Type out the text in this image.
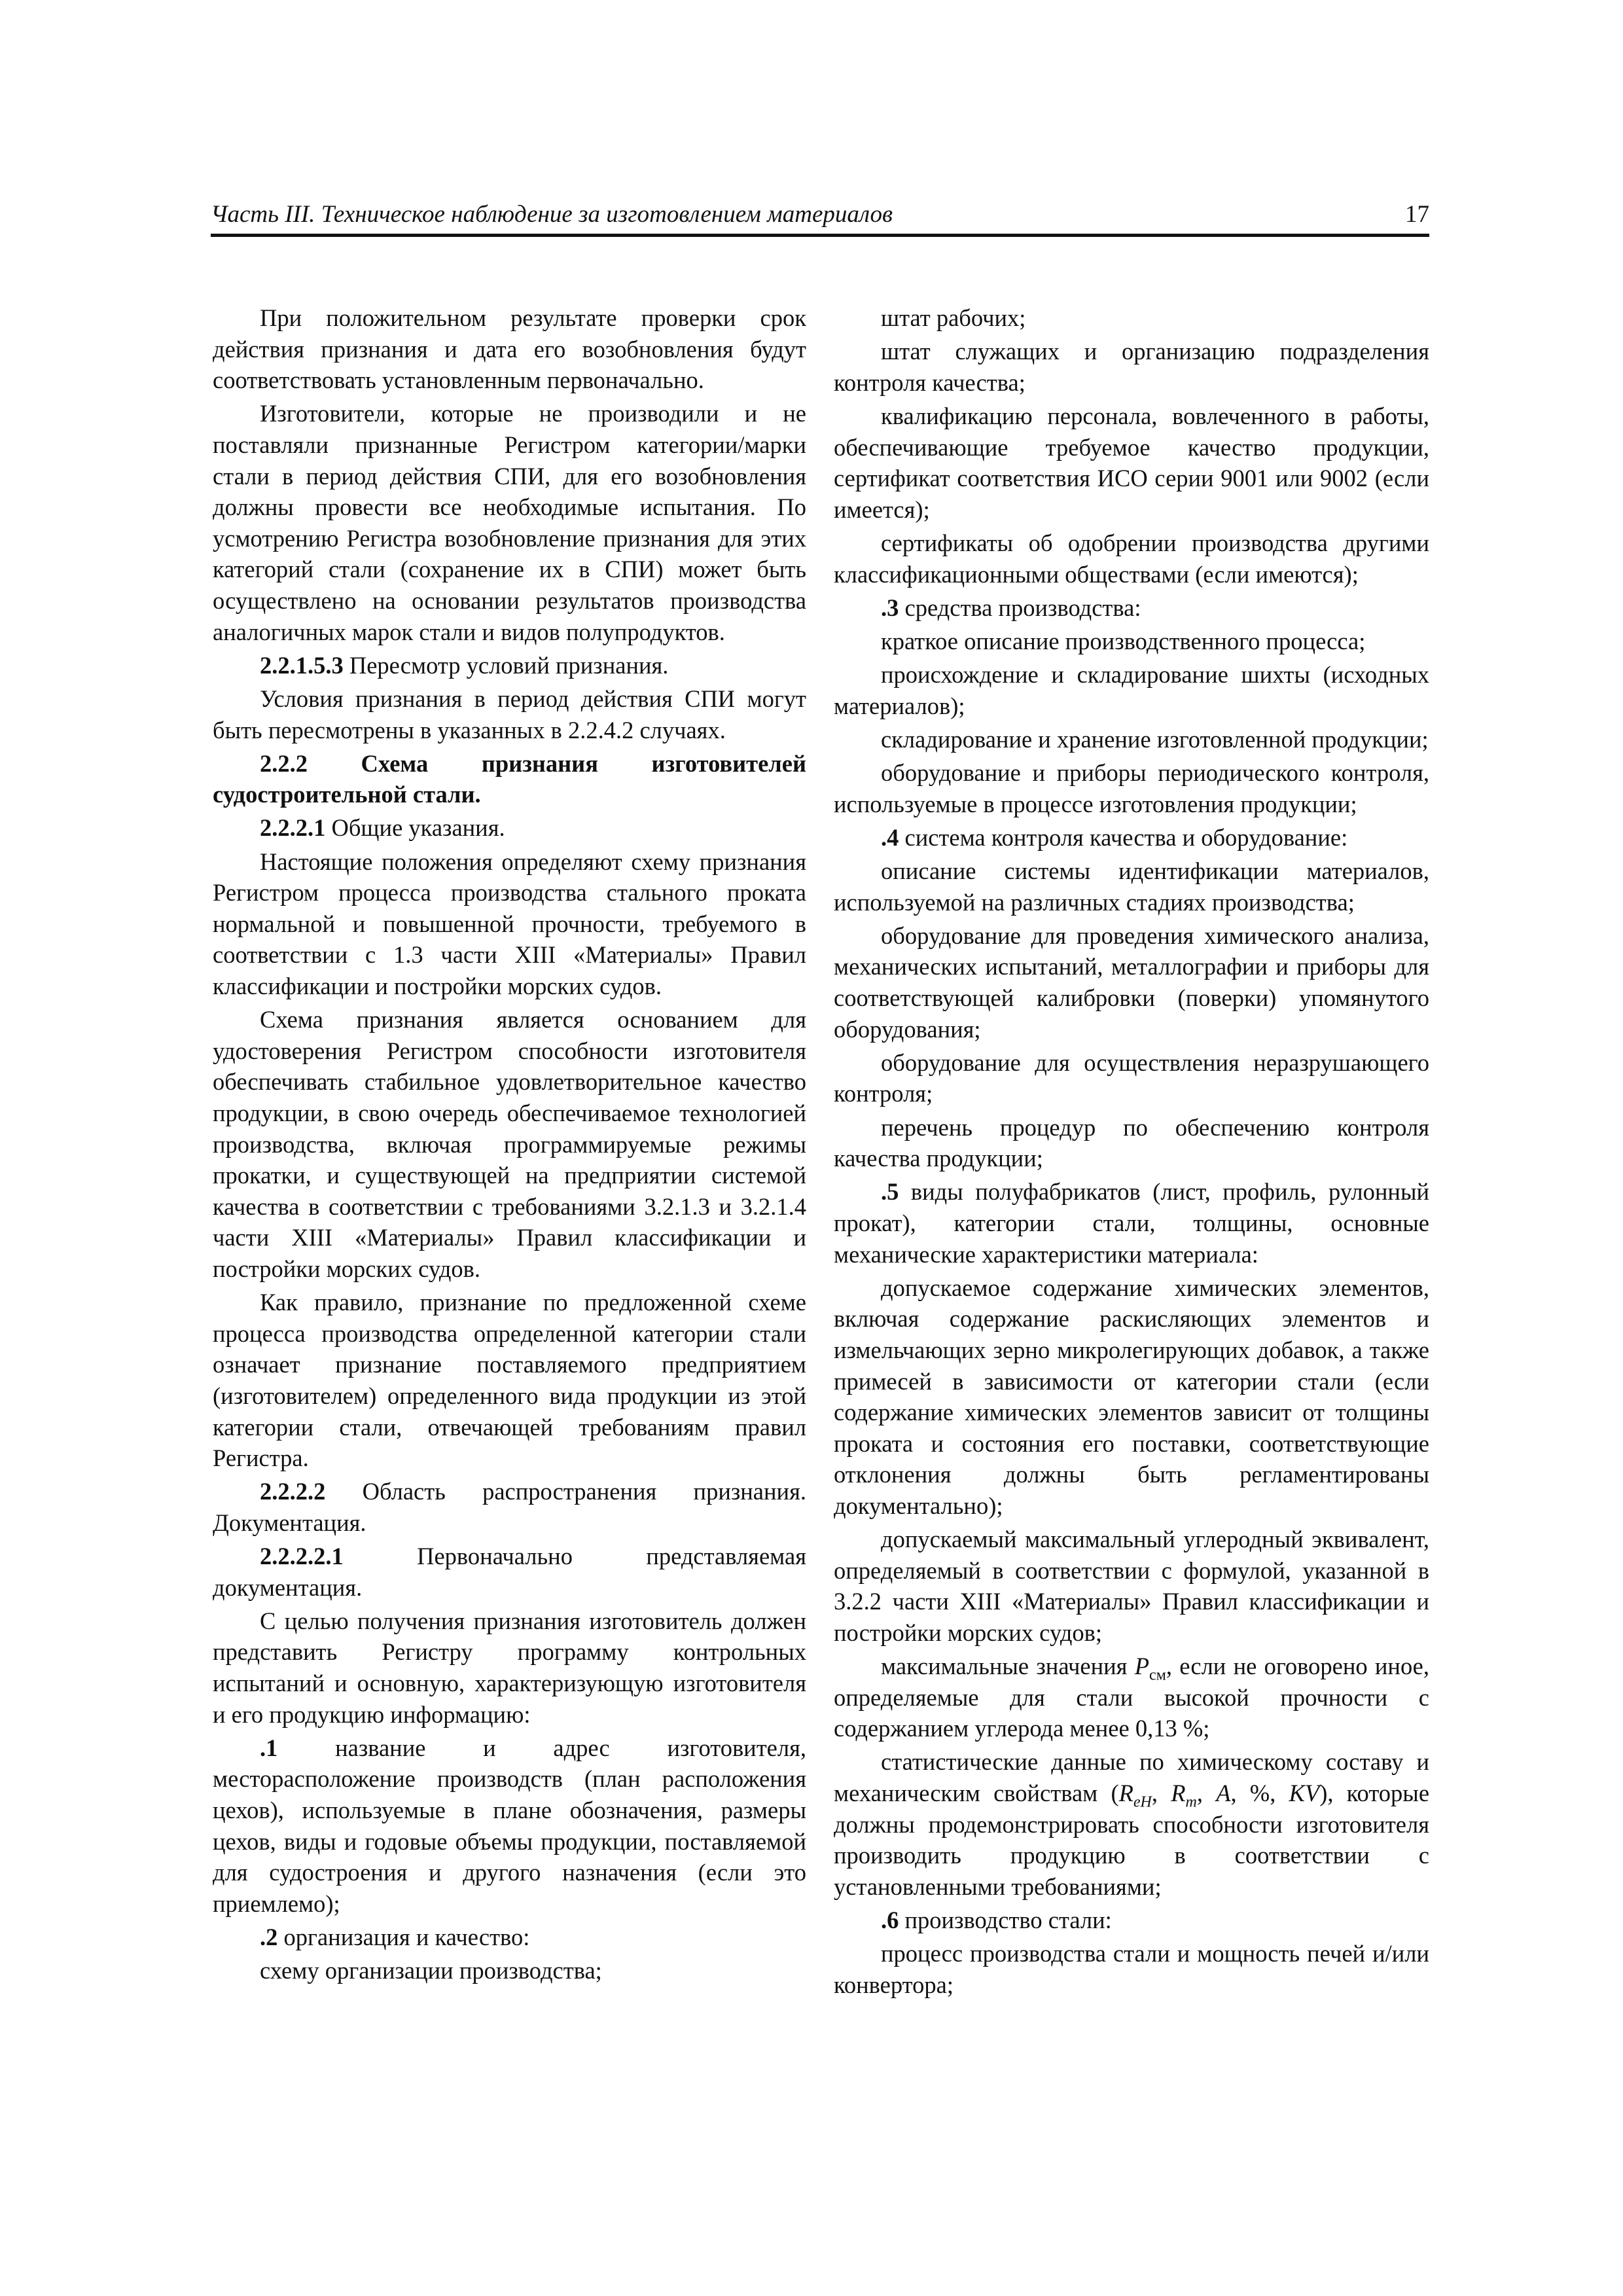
Часть III. Техническое наблюдение за изготовлением материалов	17

При положительном результате проверки срок действия признания и дата его возобновления будут соответствовать установленным первоначально.

Изготовители, которые не производили и не поставляли признанные Регистром категории/марки стали в период действия СПИ, для его возобновления должны провести все необходимые испытания. По усмотрению Регистра возобновление признания для этих категорий стали (сохранение их в СПИ) может быть осуществлено на основании результатов производства аналогичных марок стали и видов полупродуктов.

2.2.1.5.3 Пересмотр условий признания.

Условия признания в период действия СПИ могут быть пересмотрены в указанных в 2.2.4.2 случаях.

2.2.2 Схема признания изготовителей судостроительной стали.

2.2.2.1 Общие указания.

Настоящие положения определяют схему признания Регистром процесса производства стального проката нормальной и повышенной прочности, требуемого в соответствии с 1.3 части XIII «Материалы» Правил классификации и постройки морских судов.

Схема признания является основанием для удостоверения Регистром способности изготовителя обеспечивать стабильное удовлетворительное качество продукции, в свою очередь обеспечиваемое технологией производства, включая программируемые режимы прокатки, и существующей на предприятии системой качества в соответствии с требованиями 3.2.1.3 и 3.2.1.4 части XIII «Материалы» Правил классификации и постройки морских судов.

Как правило, признание по предложенной схеме процесса производства определенной категории стали означает признание поставляемого предприятием (изготовителем) определенного вида продукции из этой категории стали, отвечающей требованиям правил Регистра.

2.2.2.2 Область распространения признания. Документация.

2.2.2.2.1 Первоначально представляемая документация.

С целью получения признания изготовитель должен представить Регистру программу контрольных испытаний и основную, характеризующую изготовителя и его продукцию информацию:

.1 название и адрес изготовителя, месторасположение производств (план расположения цехов), используемые в плане обозначения, размеры цехов, виды и годовые объемы продукции, поставляемой для судостроения и другого назначения (если это приемлемо);

.2 организация и качество:

схему организации производства;

штат рабочих;

штат служащих и организацию подразделения контроля качества;

квалификацию персонала, вовлеченного в работы, обеспечивающие требуемое качество продукции, сертификат соответствия ИСО серии 9001 или 9002 (если имеется);

сертификаты об одобрении производства другими классификационными обществами (если имеются);

.3 средства производства:

краткое описание производственного процесса;

происхождение и складирование шихты (исходных материалов);

складирование и хранение изготовленной продукции;

оборудование и приборы периодического контроля, используемые в процессе изготовления продукции;

.4 система контроля качества и оборудование:

описание системы идентификации материалов, используемой на различных стадиях производства;

оборудование для проведения химического анализа, механических испытаний, металлографии и приборы для соответствующей калибровки (поверки) упомянутого оборудования;

оборудование для осуществления неразрушающего контроля;

перечень процедур по обеспечению контроля качества продукции;

.5 виды полуфабрикатов (лист, профиль, рулонный прокат), категории стали, толщины, основные механические характеристики материала:

допускаемое содержание химических элементов, включая содержание раскисляющих элементов и измельчающих зерно микролегирующих добавок, а также примесей в зависимости от категории стали (если содержание химических элементов зависит от толщины проката и состояния его поставки, соответствующие отклонения должны быть регламентированы документально);

допускаемый максимальный углеродный эквивалент, определяемый в соответствии с формулой, указанной в 3.2.2 части XIII «Материалы» Правил классификации и постройки морских судов;

максимальные значения $P_{см}$, если не оговорено иное, определяемые для стали высокой прочности с содержанием углерода менее 0,13 %;

статистические данные по химическому составу и механическим свойствам ($R_{eH}$, $R_m$, A, %, KV), которые должны продемонстрировать способности изготовителя производить продукцию в соответствии с установленными требованиями;

.6 производство стали:

процесс производства стали и мощность печей и/или конвертора;
